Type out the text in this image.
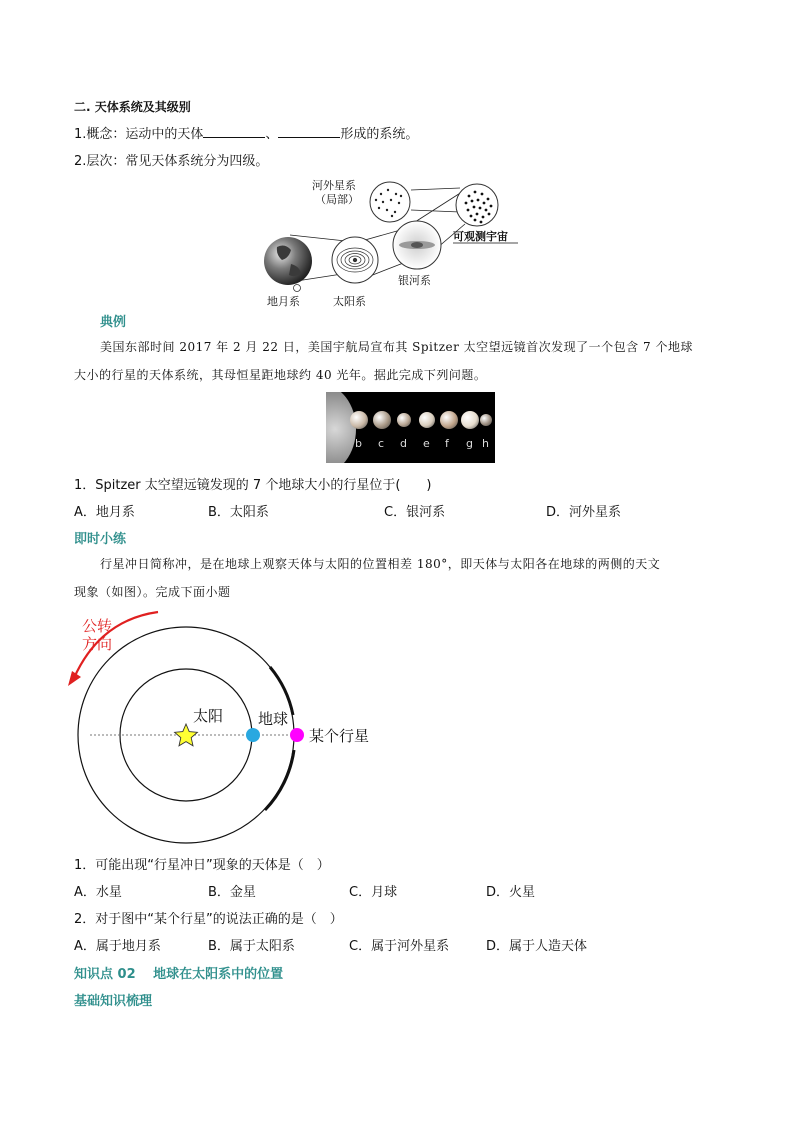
二. 天体系统及其级别
1.概念：运动中的天体	、	形成的系统。
2.层次：常见天体系统分为四级。
河外星系
（局部）
可观测宇宙
银河系
地月系	太阳系
典例
美国东部时间 2017 年 2 月 22 日，美国宇航局宣布其 Spitzer 太空望远镜首次发现了一个包含 7 个地球
大小的行星的天体系统，其母恒星距地球约 40 光年。据此完成下列问题。
b c d e f g h
1．Spitzer 太空望远镜发现的 7 个地球大小的行星位于(　　)
A．地月系	B．太阳系	C．银河系	D．河外星系
即时小练
行星冲日简称冲，是在地球上观察天体与太阳的位置相差 180°，即天体与太阳各在地球的两侧的天文
现象（如图）。完成下面小题
公转
方向
太阳 地球
某个行星
1．可能出现“行星冲日”现象的天体是（　）
A．水星	B．金星	C．月球	D．火星
2．对于图中“某个行星”的说法正确的是（　）
A．属于地月系	B．属于太阳系	C．属于河外星系	D．属于人造天体
知识点 02　 地球在太阳系中的位置
基础知识梳理
